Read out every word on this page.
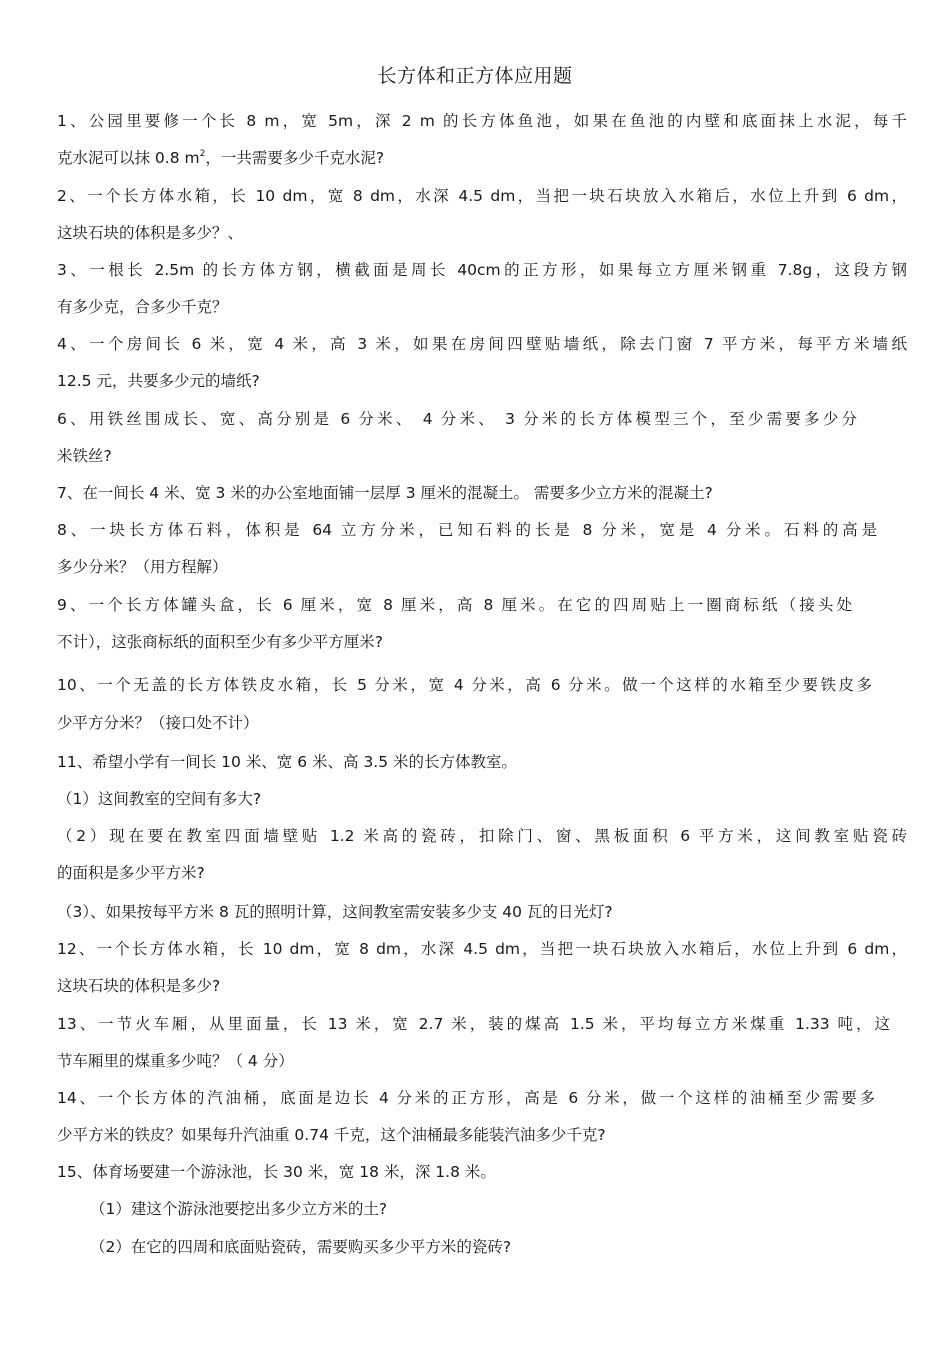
长方体和正方体应用题
1、公园里要修一个长 8 m，宽 5m，深 2 m 的长方体鱼池，如果在鱼池的内壁和底面抹上水泥，每千
克水泥可以抹 0.8 $m^2$，一共需要多少千克水泥?
2、一个长方体水箱，长 10 dm，宽 8 dm，水深 4.5 dm，当把一块石块放入水箱后，水位上升到 6 dm，
这块石块的体积是多少？、
3、一根长 2.5m 的长方体方钢，横截面是周长 40cm的正方形，如果每立方厘米钢重 7.8g，这段方钢
有多少克，合多少千克？
4、一个房间长 6 米，宽 4 米，高 3 米，如果在房间四壁贴墙纸，除去门窗 7 平方米，每平方米墙纸
12.5 元，共要多少元的墙纸?
6、用铁丝围成长、宽、高分别是 6 分米、 4 分米、 3 分米的长方体模型三个，至少需要多少分
米铁丝?
7、在一间长 4 米、宽 3 米的办公室地面铺一层厚 3 厘米的混凝土。 需要多少立方米的混凝土?
8、一块长方体石料，体积是 64 立方分米，已知石料的长是 8 分米，宽是 4 分米。石料的高是
多少分米？（用方程解）
9、一个长方体罐头盒，长 6 厘米，宽 8 厘米，高 8 厘米。在它的四周贴上一圈商标纸（接头处
不计），这张商标纸的面积至少有多少平方厘米?
10、一个无盖的长方体铁皮水箱，长 5 分米，宽 4 分米，高 6 分米。做一个这样的水箱至少要铁皮多
少平方分米？（接口处不计）
11、希望小学有一间长 10 米、宽 6 米、高 3.5 米的长方体教室。
（1）这间教室的空间有多大?
（2）现在要在教室四面墙壁贴 1.2 米高的瓷砖，扣除门、窗、黑板面积 6 平方米，这间教室贴瓷砖
的面积是多少平方米?
（3）、如果按每平方米 8 瓦的照明计算，这间教室需安装多少支 40 瓦的日光灯?
12、一个长方体水箱，长 10 dm，宽 8 dm，水深 4.5 dm，当把一块石块放入水箱后，水位上升到 6 dm，
这块石块的体积是多少?
13、一节火车厢，从里面量，长 13 米，宽 2.7 米，装的煤高 1.5 米，平均每立方米煤重 1.33 吨，这
节车厢里的煤重多少吨？（ 4 分）
14、一个长方体的汽油桶，底面是边长 4 分米的正方形，高是 6 分米，做一个这样的油桶至少需要多
少平方米的铁皮？如果每升汽油重 0.74 千克，这个油桶最多能装汽油多少千克?
15、体育场要建一个游泳池，长 30 米，宽 18 米，深 1.8 米。
（1）建这个游泳池要挖出多少立方米的土?
（2）在它的四周和底面贴瓷砖，需要购买多少平方米的瓷砖?
